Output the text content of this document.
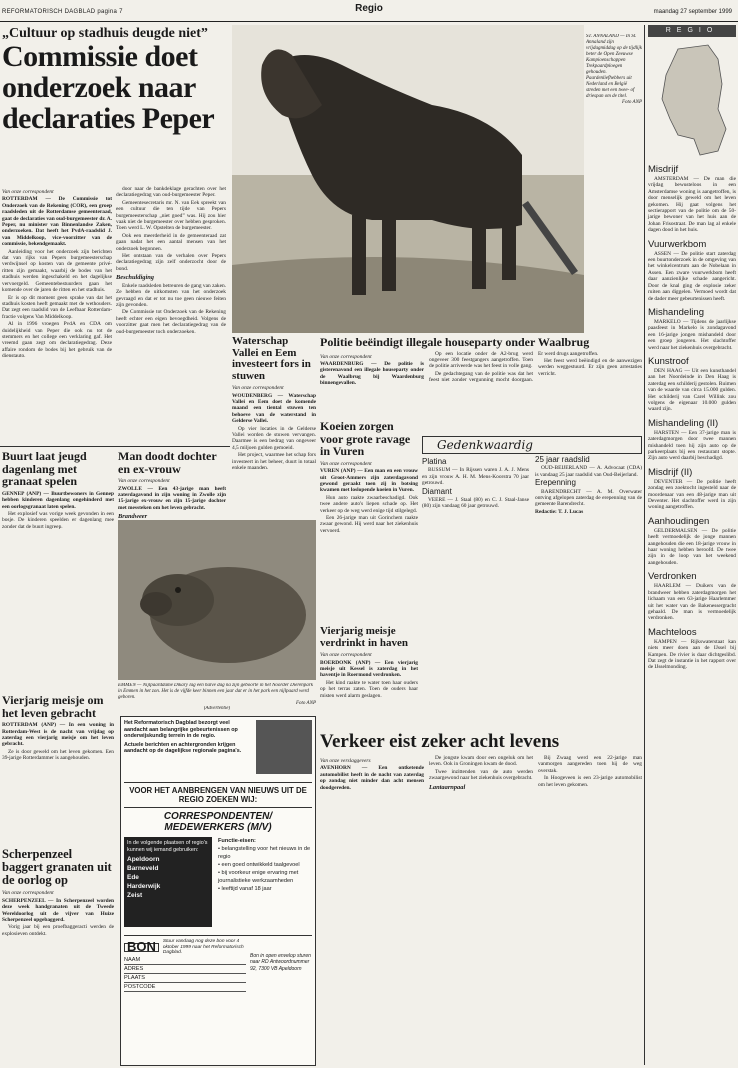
REFORMATORISCH DAGBLAD pagina 7	Regio	maandag 27 september 1999
„Cultuur op stadhuis deugde niet”
Commissie doet onderzoek naar declaraties Peper

Van onze correspondent

ROTTERDAM — De Commissie tot Onderzoek van de Rekening (COR), een groep raadsleden uit de Rotterdamse gemeenteraad, gaat de declaraties van oud-burgemeester dr. A. Peper, nu minister van Binnenlandse Zaken, onderzoeken. Dat heeft het PvdA-raadslid J. van Middelkoop, vice-voorzitter van de commissie, bekendgemaakt.

Aanleiding voor het onderzoek zijn berichten dat van rijks van Pepers burgemeesterschap verdwijnsel op kosten van de gemeente privé-ritten zijn gemaakt, waarbij de bodes van het stadhuis werden ingeschakeld en het dagelijkse vervoergeld. Gemeentebestuurders gaan het komende over de jaren de ritten en het stadhuis.

Er is op dit moment geen sprake van dat het stadhuis kosten heeft gemaakt met de wethouders. Dat zegt een raadslid van de Leefbaar Rotterdam-fractie volgens Van Middelkoop.

Al in 1996 vroegen PvdA en CDA om duidelijkheid van Peper die ook nu tot de stemmers en het college een verklaring gaf. Het vreemd gaan zegt om declaratiegedrag. Deze affaire rondom de bodes bij het gebruik van de dienstauto.

door naar de bankdeklage gerachten over het declaratiegedrag van oud-burgemeester Peper.

Gemeentesecretaris mr. N. van Eek spreekt van een cultuur die ten tijde van Pepers burgemeesterschap „niet goed” was. Hij zou hier vaak niet de burgemeester over hebben gesproken. Toen werd L. W. Opstelten de burgemeester.

Ook een meerderheid in de gemeenteraad zat gaan nadat het een aantal mensen van het onderzoek begonnen.

Het ontstaan van de verhalen over Pepers declaratiegedrag zijn zelf onderzocht door de bond.

Beschuldiging

Enkele raadsleden betreuren de gang van zaken. Ze hebben de uitkomsten van het onderzoek gevraagd en dat er tot nu toe geen nieuwe feiten zijn gevonden.

De Commissie tot Onderzoek van de Rekening heeft echter een eigen bevoegdheid. Volgens de voorzitter gaat men het declaratiegedrag van de oud-burgemeester toch onderzoeken.

ST. ANNALAND — In St. Annaland zijn vrijdagmiddag op de tijdlijk beter de Open Zeeuwse Kampioenschappen Trekpaardploegen gehouden. Paardenliefhebbers uit Nederland en België streden met een twee- of driespan om de titel.

Foto ANP

REGIO
Misdrijf

AMSTERDAM — De man die vrijdag bewusteloos in een Amsterdamse woning is aangetroffen, is door menselijk geweld om het leven gekomen. Hij gaat volgens het sectierapport van de politie om de 50-jarige bewoner van het huis aan de Johan Frisostraat. De man lag al enkele dagen dood in het huis.

Vuurwerkbom

ASSEN — De politie start zaterdag een buurtonderzoek in de omgeving van het winkelcentrum aan de Nobelaan in Assen. Een zware vuurwerkbom heeft daar aanzienlijke schade aangericht. Door de knal ging de explosie zeker ruiten aan diggelen. Vermoed wordt dat de dader meer gebeurtenissen heeft.

Mishandeling

MARKELO — Tijdens de jaarlijkse paasfeest in Markelo is zondagavond een 16-jarige jongen mishandeld door een groep jongeren. Het slachtoffer werd naar het ziekenhuis overgebracht.

Kunstroof

DEN HAAG — Uit een kunsthandel aan het Noordeinde in Den Haag is zaterdag een schilderij gestolen. Ruimen van de waarde van circa 15.000 gulden. Het schilderij van Carel Willink zou volgens de eigenaar 10.000 gulden waard zijn.

Mishandeling (II)

HARSTEN — Een 37-jarige man is zaterdagmorgen door twee mannen mishandeld toen hij zijn auto op de parkeerplaats bij een restaurant stopte. Zijn auto werd daarbij beschadigd.

Misdrijf (II)

DEVENTER — De politie heeft zondag een zoektocht ingesteld naar de moordenaar van een 48-jarige man uit Deventer. Het slachtoffer werd in zijn woning aangetroffen.

Aanhoudingen

GELDERMALSEN — De politie heeft vermoedelijk de jonge mannen aangehouden die een 18-jarige vrouw in haar woning hebben beroofd. De twee zijn in de loop van het weekend aangehouden.

Verdronken

HAARLEM — Duikers van de brandweer hebben zaterdagmorgen het lichaam van een 63-jarige Haarlemmer uit het water van de Bakenessergracht gehaald. De man is vermoedelijk verdronken.

Machteloos

KAMPEN — Rijkswaterstaat kan niets meer doen aan de IJssel bij Kampen. De rivier is daar dichtgeslibd. Dat zegt de instantie in het rapport over de IJsselmonding.

Waterschap Vallei en Eem investeert fors in stuwen

Van onze correspondent

WOUDENBERG — Waterschap Vallei en Eem doet de komende maand een tiental stuwen ten behoeve van de waterstand in Gelderse Vallei.

Op vier locaties in de Gelderse Vallei worden de stuwen vervangen. Daarmee is een bedrag van ongeveer 4,5 miljoen gulden gemoeid.

Het project, waarmee het schap fors investeert in het beheer, duurt in totaal enkele maanden.

Politie beëindigt illegale houseparty onder Waalbrug

Van onze correspondent

WAARDENBURG — De politie is gisterenavond een illegale houseparty onder de Waalbrug bij Waardenburg binnengevallen.

Op een locatie onder de A2-brug werd ongeveer 300 feestgangers aangetroffen. Toen de politie arriveerde was het feest in volle gang.

De gedachtegang van de politie was dat het feest niet zonder vergunning mocht doorgaan. Er werd drugs aangetroffen.

Het feest werd beëindigd en de aanwezigen werden weggestuurd. Er zijn geen arrestaties verricht.

Koeien zorgen voor grote ravage in Vuren

Van onze correspondent

VUREN (ANP) — Een man en een vrouw uit Groot-Ammers zijn zaterdagavond gewond geraakt toen zij in botsing kwamen met loslopende koeien in Vuren.

Hun auto raakte zwaarbeschadigd. Ook twee andere auto's liepen schade op. Het verkeer op de weg werd enige tijd stilgelegd.

Een 26-jarige man uit Gorinchem raakte zwaar gewond. Hij werd naar het ziekenhuis vervoerd.

Vierjarig meisje verdrinkt in haven

Van onze correspondent

BOERDONK (ANP) — Een vierjarig meisje uit Kessel is zaterdag in het haventje in Roermond verdronken.

Het kind raakte te water toen haar ouders op het terras zaten. Toen de ouders haar misten werd alarm geslagen.

Gedenkwaardig
Platina

BUSSUM — In Rijssen waren J. A. J. Mens en zijn vrouw A. H. M. Mens-Koorstra 70 jaar getrouwd.

Diamant

VEERE — J. Staal (80) en C. J. Staal-Janse (80) zijn vandaag 60 jaar getrouwd.

25 jaar raadslid

OUD-BEIJERLAND — A. Advocaat (CDA) is vandaag 25 jaar raadslid van Oud-Beijerland.

Erepenning

BARENDRECHT — A. M. Overwater ontving afgelopen zaterdag de erepenning van de gemeente Barendrecht.

Redactie: T. J. Lucas

Verkeer eist zeker acht levens

Van onze verslaggevers

AVENHORN — Een ontketende automobilist heeft in de nacht van zaterdag op zondag niet minder dan acht mensen doodgereden.

De jongste kwam door een ongeluk om het leven. Ook in Groningen kwam de dood.

Twee inzittenden van de auto werden zwaargewond naar het ziekenhuis overgebracht.

Lantaarnpaal

Bij Zwaag werd een 22-jarige man vanmorgen aangereden toen hij de weg overstak.

In Hoogeveen is een 23-jarige automobilist om het leven gekomen.

Buurt laat jeugd dagenlang met granaat spelen

GENNEP (ANP) — Buurtbewoners in Gennep hebben kinderen dagenlang ongehinderd met een oorlogsgranaat laten spelen.

Het explosief was vorige week gevonden in een bosje. De kinderen speelden er dagenlang mee zonder dat de buurt ingreep.

Vierjarig meisje om het leven gebracht

ROTTERDAM (ANP) — In een woning in Rotterdam-West is de nacht van vrijdag op zaterdag een vierjarig meisje om het leven gebracht.

Ze is door geweld om het leven gekomen. Een 39-jarige Rotterdammer is aangehouden.

Scherpenzeel baggert granaten uit de oorlog op

Van onze correspondent

SCHERPENZEEL — In Scherpenzeel worden deze week handgranaten uit de Tweede Wereldoorlog uit de vijver van Huize Scherpenzeel opgebaggerd.

Vorig jaar bij een proefbaggeracti werden de explosieven ontdekt.

Man doodt dochter en ex-vrouw

Van onze correspondent

ZWOLLE — Een 43-jarige man heeft zaterdagavond in zijn woning in Zwolle zijn 15-jarige ex-vrouw en zijn 15-jarige dochter met messteken om het leven gebracht.

Brandweer

EMMEN — Nijlpaarddame Dikary lag een halve dag na zijn geboorte in het Noorder Dierenpark in Emmen in het zon. Het is de vijfde keer binnen een jaar dat er in het park een nijlpaard werd geboren.

Foto ANP

(Advertentie)

Het Reformatorisch Dagblad bezorgt veel aandacht aan belangrijke gebeurtenissen op onderwijskundig terrein in de regio.

Actuele berichten en achtergronden krijgen aandacht op de dagelijkse regionale pagina's.

VOOR HET AANBRENGEN VAN NIEUWS UIT DE REGIO ZOEKEN WIJ:
CORRESPONDENTEN/ MEDEWERKERS (M/V)

In de volgende plaatsen of regio's kunnen wij iemand gebruiken:

Apeldoorn
Barneveld
Ede
Harderwijk
Zeist
Functie-eisen:
• belangstelling voor het nieuws in de regio
• een goed ontwikkeld taalgevoel
• bij voorkeur enige ervaring met journalistieke werkzaamheden
• leeftijd vanaf 18 jaar
BON	Stuur vandaag nog deze bon voor 4 oktober 1999 naar het Reformatorisch Dagblad.
NAAM
ADRES
PLAATS
POSTCODE
Bon in open envelop sturen naar RD Antwoordnummer 92, 7300 VB Apeldoorn
